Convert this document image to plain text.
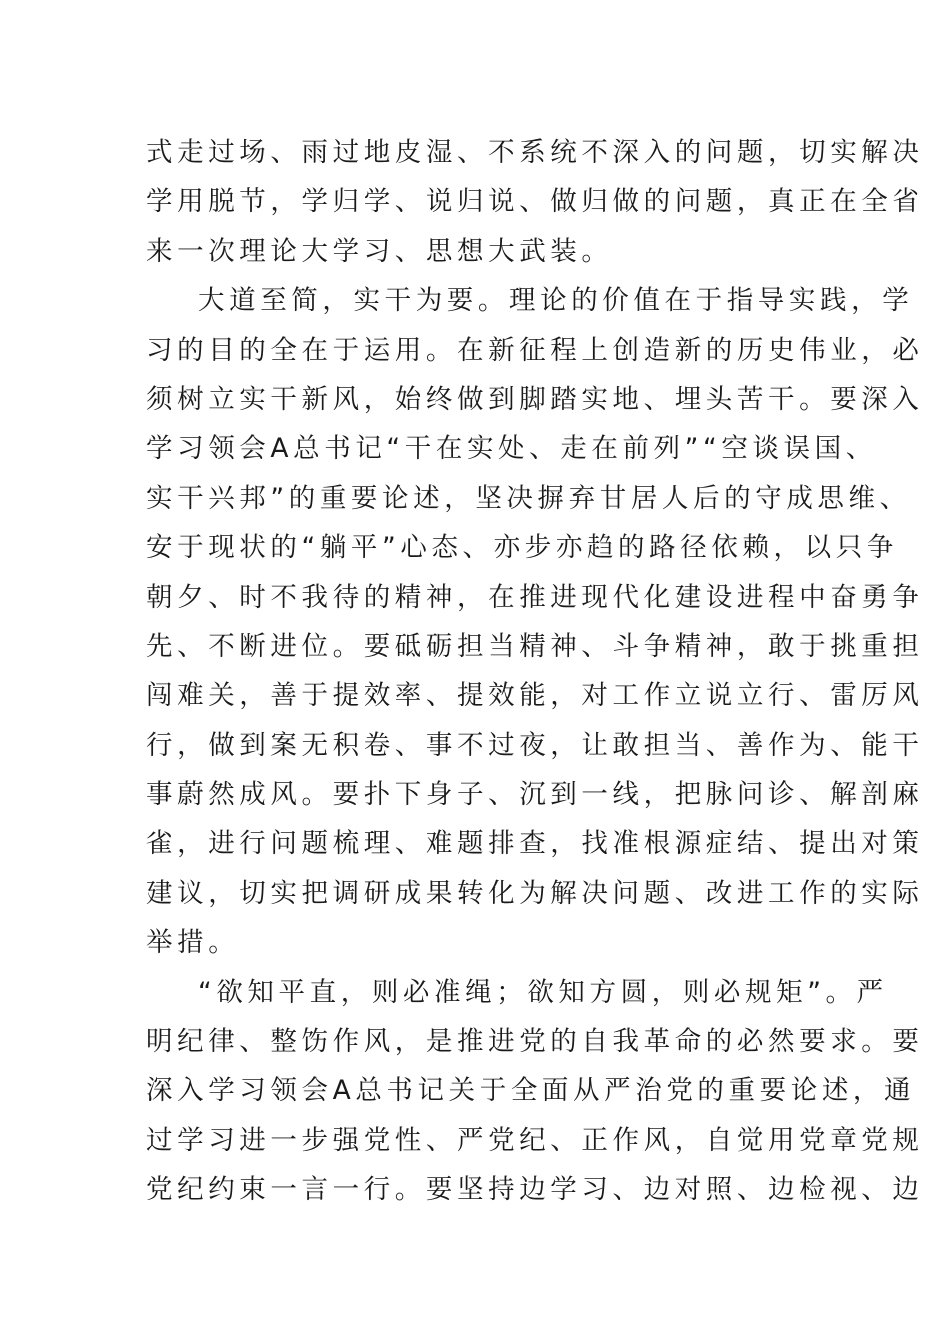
式走过场、雨过地皮湿、不系统不深入的问题，切实解决
学用脱节，学归学、说归说、做归做的问题，真正在全省
来一次理论大学习、思想大武装。
大道至简，实干为要。理论的价值在于指导实践，学
习的目的全在于运用。在新征程上创造新的历史伟业，必
须树立实干新风，始终做到脚踏实地、埋头苦干。要深入
学习领会A总书记“干在实处、走在前列”“空谈误国、
实干兴邦”的重要论述，坚决摒弃甘居人后的守成思维、
安于现状的“躺平”心态、亦步亦趋的路径依赖，以只争
朝夕、时不我待的精神，在推进现代化建设进程中奋勇争
先、不断进位。要砥砺担当精神、斗争精神，敢于挑重担
闯难关，善于提效率、提效能，对工作立说立行、雷厉风
行，做到案无积卷、事不过夜，让敢担当、善作为、能干
事蔚然成风。要扑下身子、沉到一线，把脉问诊、解剖麻
雀，进行问题梳理、难题排查，找准根源症结、提出对策
建议，切实把调研成果转化为解决问题、改进工作的实际
举措。
“欲知平直，则必准绳；欲知方圆，则必规矩”。严
明纪律、整饬作风，是推进党的自我革命的必然要求。要
深入学习领会A总书记关于全面从严治党的重要论述，通
过学习进一步强党性、严党纪、正作风，自觉用党章党规
党纪约束一言一行。要坚持边学习、边对照、边检视、边
